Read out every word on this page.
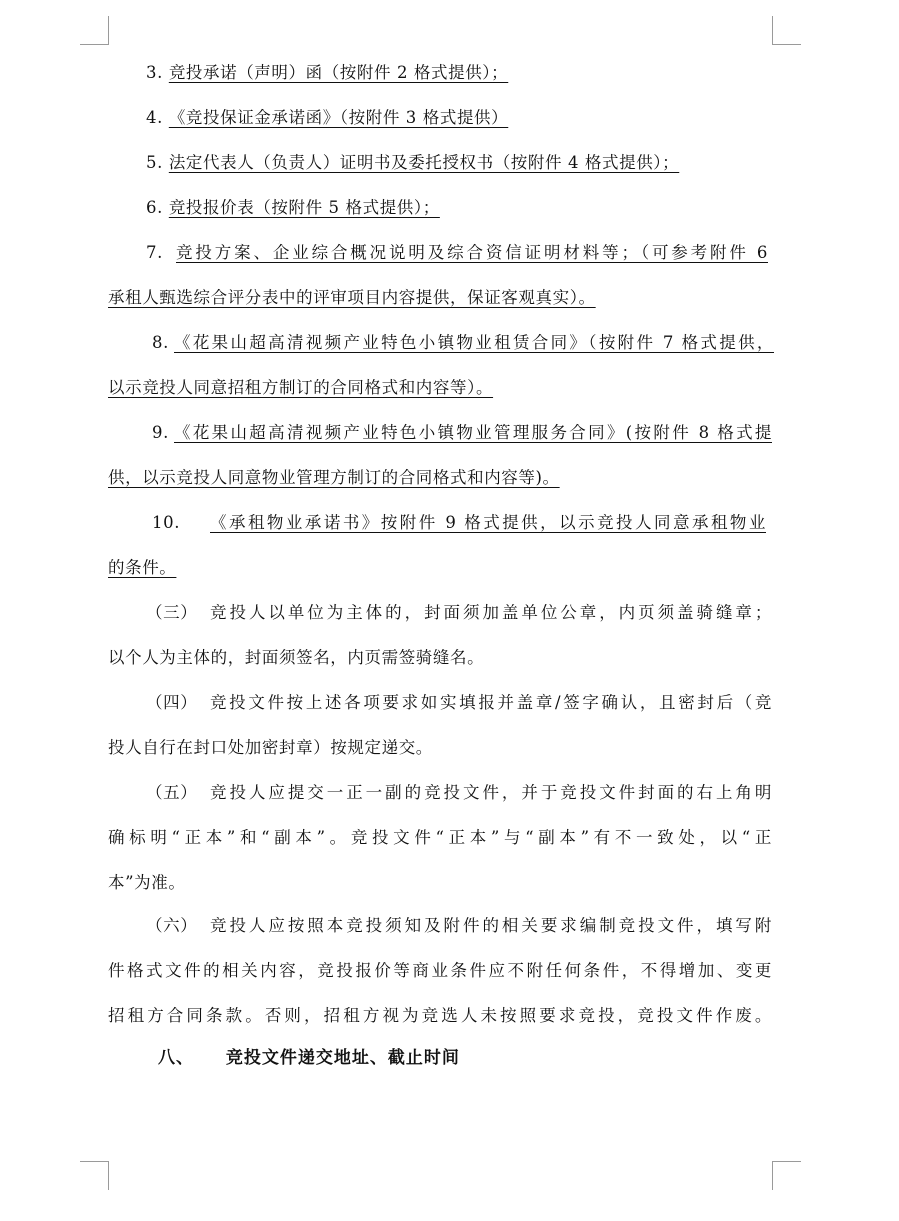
3. 竞投承诺（声明）函（按附件 2 格式提供）；
4. 《竞投保证金承诺函》（按附件 3 格式提供）
5. 法定代表人（负责人）证明书及委托授权书（按附件 4 格式提供）；
6. 竞投报价表（按附件 5 格式提供）；
7. 竞投方案、企业综合概况说明及综合资信证明材料等；（可参考附件 6
承租人甄选综合评分表中的评审项目内容提供，保证客观真实）。
8. 《花果山超高清视频产业特色小镇物业租赁合同》（按附件 7 格式提供，
以示竞投人同意招租方制订的合同格式和内容等）。
9. 《花果山超高清视频产业特色小镇物业管理服务合同》(按附件 8 格式提
供，以示竞投人同意物业管理方制订的合同格式和内容等)。
10. 《承租物业承诺书》按附件 9 格式提供，以示竞投人同意承租物业
的条件。
（三） 竞投人以单位为主体的，封面须加盖单位公章，内页须盖骑缝章；
以个人为主体的，封面须签名，内页需签骑缝名。
（四） 竞投文件按上述各项要求如实填报并盖章/签字确认，且密封后（竞
投人自行在封口处加密封章）按规定递交。
（五） 竞投人应提交一正一副的竞投文件，并于竞投文件封面的右上角明
确标明“正本”和“副本”。竞投文件“正本”与“副本”有不一致处，以“正
本”为准。
（六） 竞投人应按照本竞投须知及附件的相关要求编制竞投文件，填写附
件格式文件的相关内容，竞投报价等商业条件应不附任何条件，不得增加、变更
招租方合同条款。否则，招租方视为竞选人未按照要求竞投，竞投文件作废。
八、 竞投文件递交地址、截止时间
